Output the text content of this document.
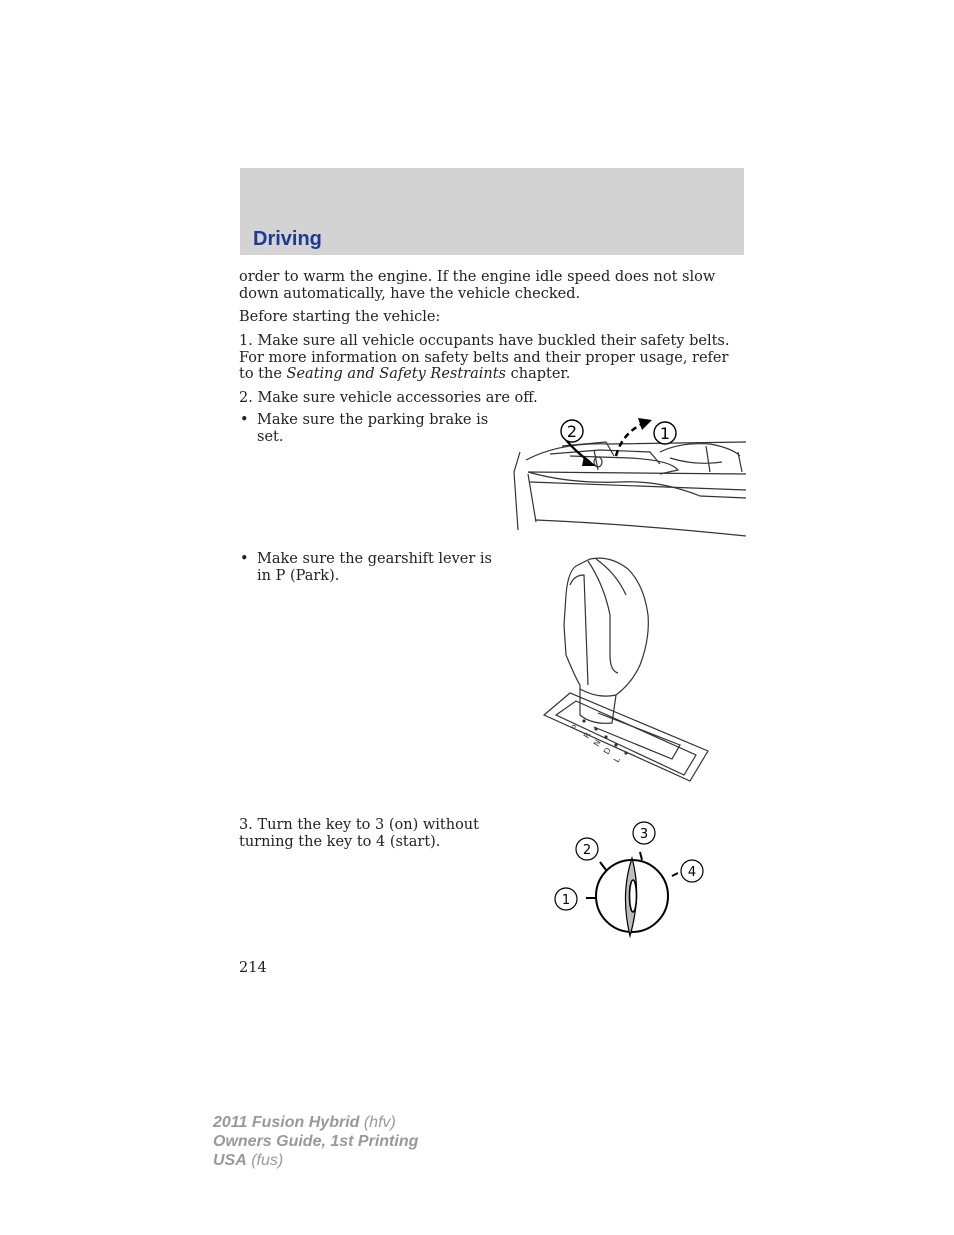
Driving
order to warm the engine. If the engine idle speed does not slow down automatically, have the vehicle checked.
Before starting the vehicle:
1. Make sure all vehicle occupants have buckled their safety belts. For more information on safety belts and their proper usage, refer to the Seating and Safety Restraints chapter.
2. Make sure vehicle accessories are off.
• Make sure the parking brake is set.
• Make sure the gearshift lever is in P (Park).
3. Turn the key to 3 (on) without turning the key to 4 (start).
2	1
P
R
N
D
L
1
2
3
4
214
2011 Fusion Hybrid (hfv)
Owners Guide, 1st Printing
USA (fus)
